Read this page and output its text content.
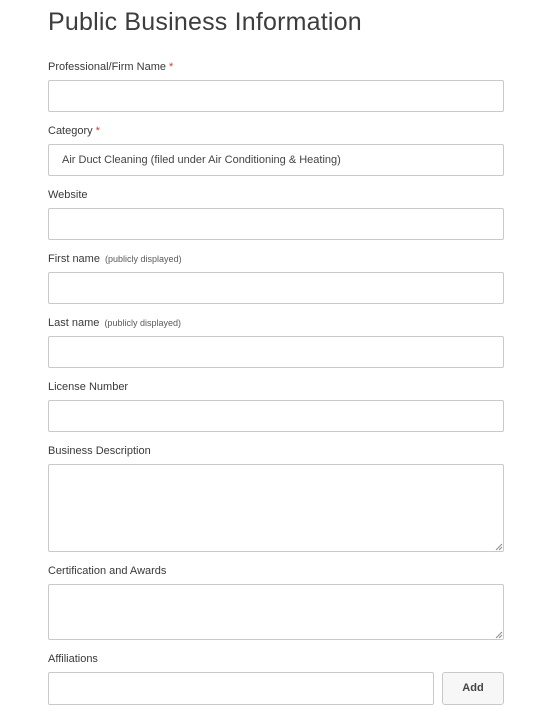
Public Business Information
Professional/Firm Name *
Category *
Air Duct Cleaning (filed under Air Conditioning & Heating)
Website
First name (publicly displayed)
Last name (publicly displayed)
License Number
Business Description
Certification and Awards
Affiliations
Add
